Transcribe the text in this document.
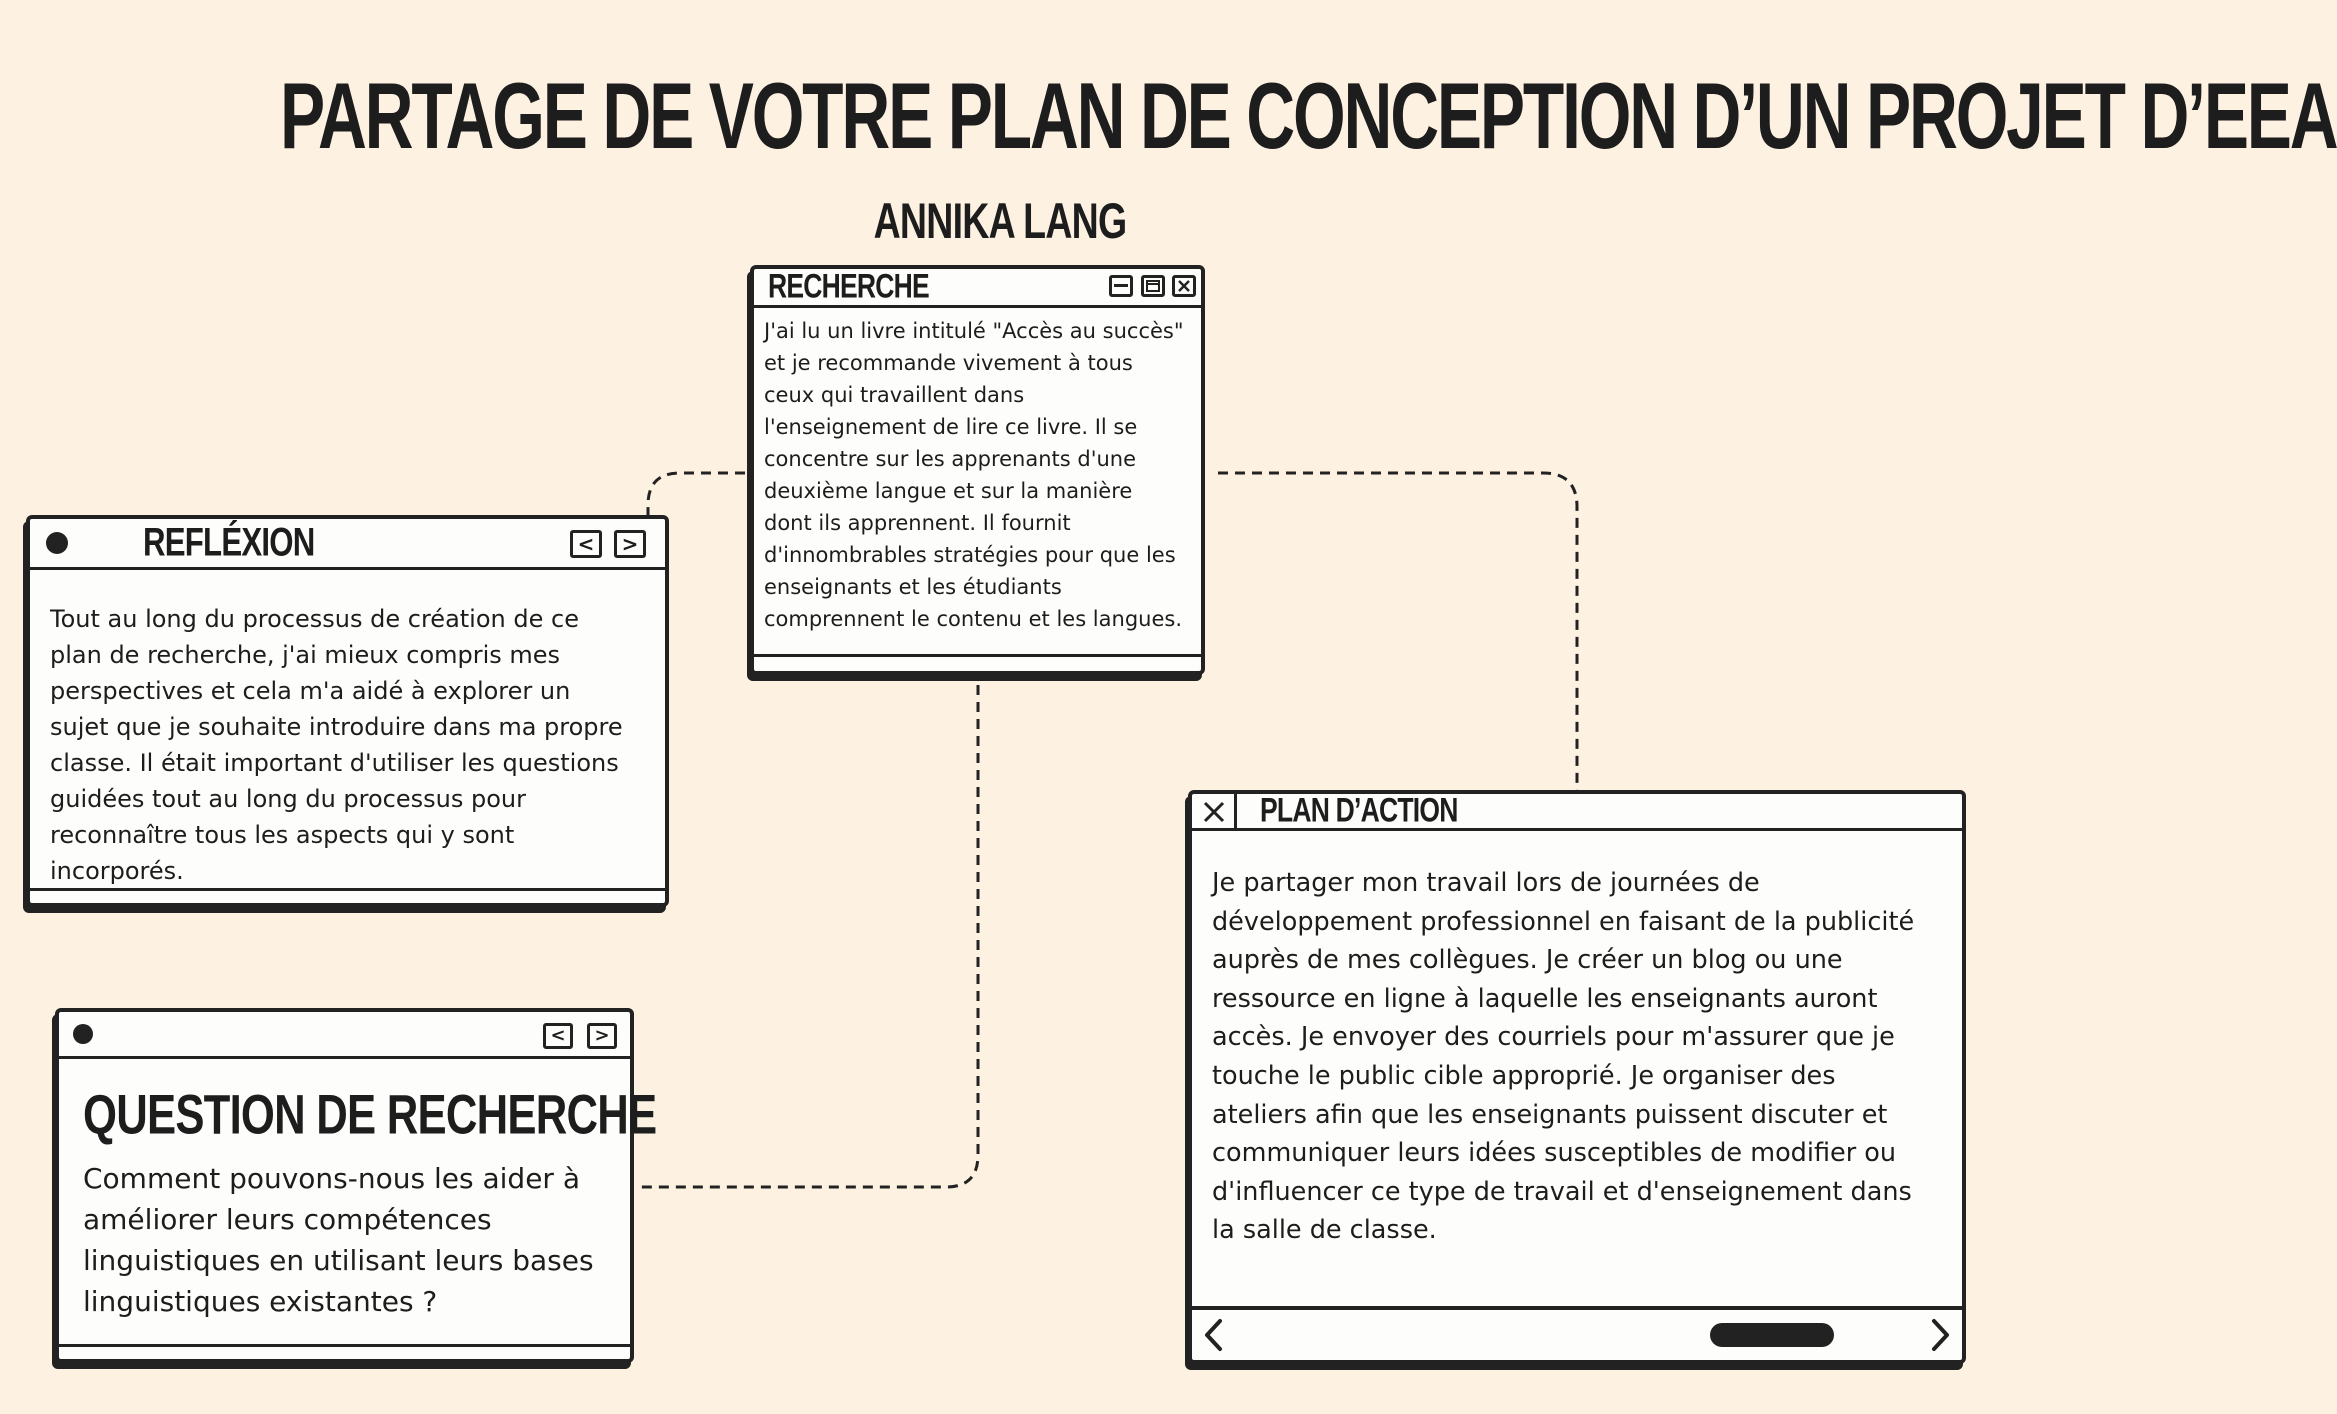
PARTAGE DE VOTRE PLAN DE CONCEPTION D’UN PROJET D’EEA
ANNIKA LANG
RECHERCHE
J'ai lu un livre intitulé "Accès au succès"
et je recommande vivement à tous
ceux qui travaillent dans
l'enseignement de lire ce livre. Il se
concentre sur les apprenants d'une
deuxième langue et sur la manière
dont ils apprennent. Il fournit
d'innombrables stratégies pour que les
enseignants et les étudiants
comprennent le contenu et les langues.
REFLÉXION	<	>
Tout au long du processus de création de ce
plan de recherche, j'ai mieux compris mes
perspectives et cela m'a aidé à explorer un
sujet que je souhaite introduire dans ma propre
classe. Il était important d'utiliser les questions
guidées tout au long du processus pour
reconnaître tous les aspects qui y sont
incorporés.
<	>
QUESTION DE RECHERCHE
Comment pouvons-nous les aider à
améliorer leurs compétences
linguistiques en utilisant leurs bases
linguistiques existantes ?
PLAN D’ACTION
Je partager mon travail lors de journées de
développement professionnel en faisant de la publicité
auprès de mes collègues. Je créer un blog ou une
ressource en ligne à laquelle les enseignants auront
accès. Je envoyer des courriels pour m'assurer que je
touche le public cible approprié. Je organiser des
ateliers afin que les enseignants puissent discuter et
communiquer leurs idées susceptibles de modifier ou
d'influencer ce type de travail et d'enseignement dans
la salle de classe.
